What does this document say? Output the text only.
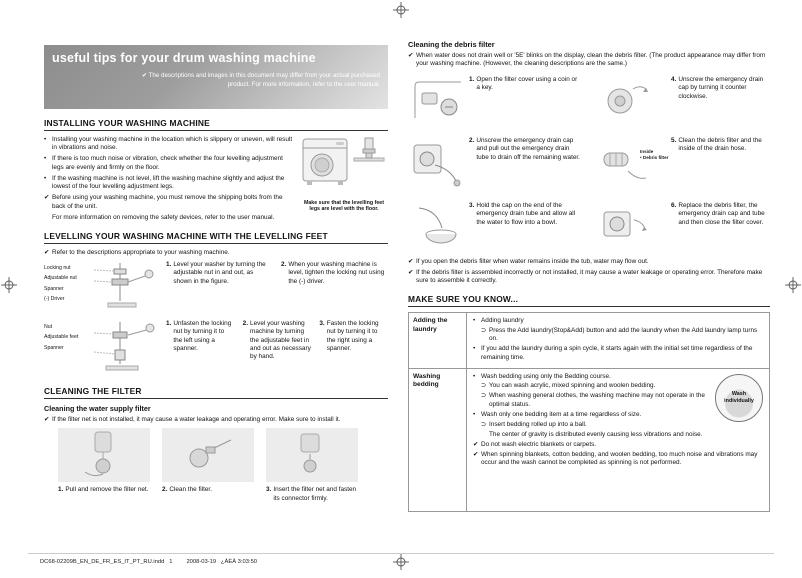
useful tips for your drum washing machine
✔ The descriptions and images in this document may differ from your actual purchased product. For more information, refer to the user manual.
INSTALLING YOUR WASHING MACHINE
• Installing your washing machine in the location which is slippery or uneven, will result in vibrations and noise.
• If there is too much noise or vibration, check whether the four levelling adjustment legs are evenly and firmly on the floor.
• If the washing machine is not level, lift the washing machine slightly and adjust the lowest of the four levelling adjustment legs.
✔ Before using your washing machine, you must remove the shipping bolts from the back of the unit.
For more information on removing the safety devices, refer to the user manual.
Make sure that the levelling feet legs are level with the floor.
LEVELLING YOUR WASHING MACHINE WITH THE LEVELLING FEET
✔ Refer to the descriptions appropriate to your washing machine.
Locking nut
Adjustable nut
Spanner
(-) Driver
1. Level your washer by turning the adjustable nut in and out, as shown in the figure.
2. When your washing machine is level, tighten the locking nut using the (-) driver.
Nut
Adjustable feet
Spanner
1. Unfasten the locking nut by turning it to the left using a spanner.
2. Level your washing machine by turning the adjustable feet in and out as necessary by hand.
3. Fasten the locking nut by turning it to the right using a spanner.
CLEANING THE FILTER
Cleaning the water supply filter
✔ If the filter net is not installed, it may cause a water leakage and operating error. Make sure to install it.
1. Pull and remove the filter net. 2. Clean the filter.	3. Insert the filter net and fasten its connector firmly.
Cleaning the debris filter
✔ When water does not drain well or '5E' blinks on the display, clean the debris filter. (The product appearance may differ from your washing machine. (However, the cleaning descriptions are the same.)
1. Open the filter cover using a coin or a key.
4. Unscrew the emergency drain cap by turning it counter clockwise.
2. Unscrew the emergency drain cap and pull out the emergency drain tube to drain off the remaining water.
Inside
• Debris filter
5. Clean the debris filter and the inside of the drain hose.
3. Hold the cap on the end of the emergency drain tube and allow all the water to flow into a bowl.
6. Replace the debris filter, the emergency drain cap and tube and then close the filter cover.
✔ If you open the debris filter when water remains inside the tub, water may flow out.
✔ If the debris filter is assembled incorrectly or not installed, it may cause a water leakage or operating error. Therefore make sure to assemble it correctly.
MAKE SURE YOU KNOW...
Adding the laundry
• Adding laundry
⊃ Press the Add laundry(Stop&Add) button and add the laundry when the Add laundry lamp turns on.
• If you add the laundry during a spin cycle, it starts again with the initial set time regardless of the remaining time.
Washing bedding
• Wash bedding using only the Bedding course.
⊃ You can wash acrylic, mixed spinning and woolen bedding.
⊃ When washing general clothes, the washing machine may not operate in the optimal status.
• Wash only one bedding item at a time regardless of size.
⊃ Insert bedding rolled up into a ball.
The center of gravity is distributed evenly causing less vibrations and noise.
✔ Do not wash electric blankets or carpets.
✔ When spinning blankets, cotton bedding, and woolen bedding, too much noise and vibrations may occur and the wash cannot be completed as spinning is not performed.
Wash individually
DC68-02209B_EN_DE_FR_ES_IT_PT_RU.indd   1 2008-03-19   ¿ÀÈÄ 3:03:50
